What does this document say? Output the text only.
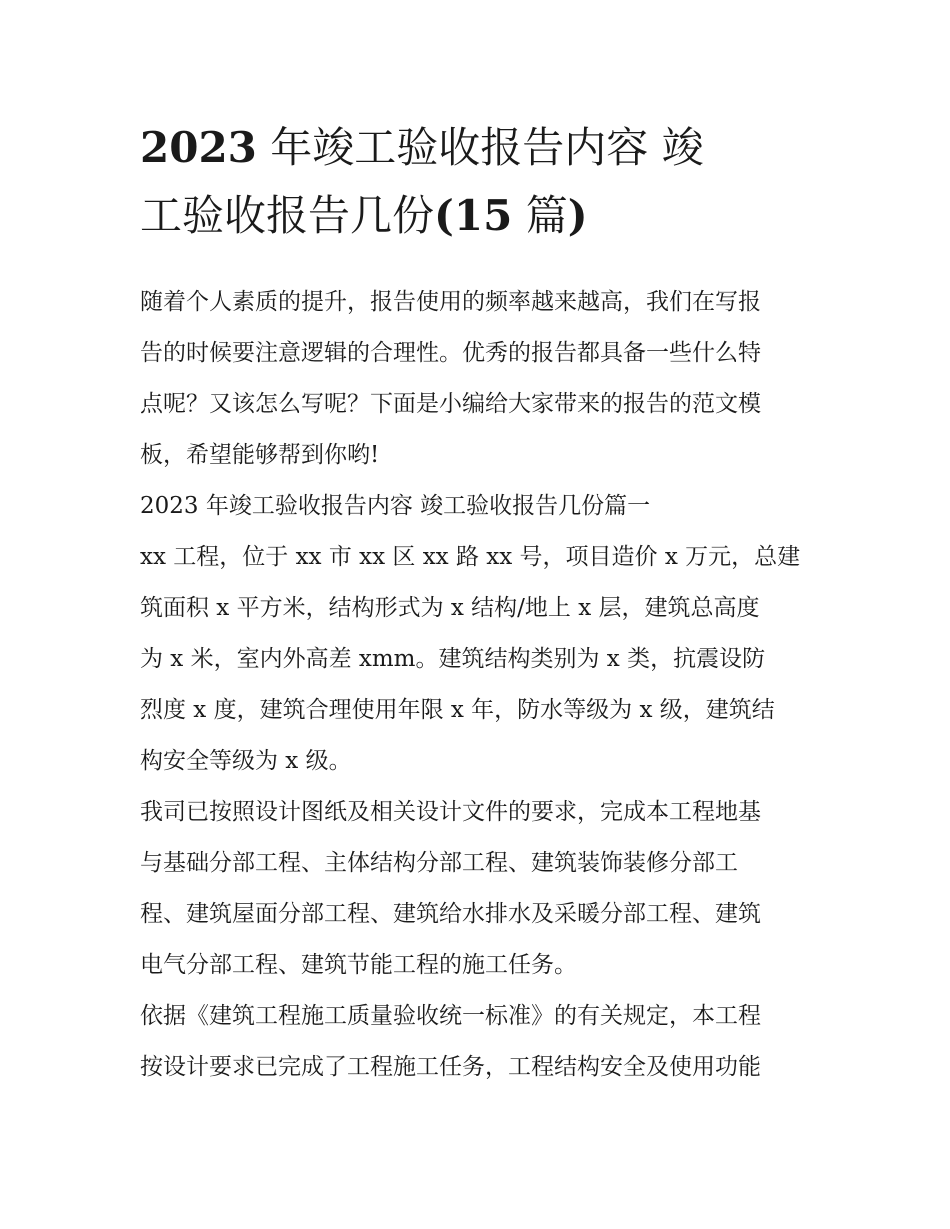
2023 年竣工验收报告内容 竣
工验收报告几份(15 篇)

随着个人素质的提升，报告使用的频率越来越高，我们在写报
告的时候要注意逻辑的合理性。优秀的报告都具备一些什么特
点呢？又该怎么写呢？下面是小编给大家带来的报告的范文模
板，希望能够帮到你哟!

2023 年竣工验收报告内容 竣工验收报告几份篇一

xx 工程，位于 xx 市 xx 区 xx 路 xx 号，项目造价 x 万元，总建
筑面积 x 平方米，结构形式为 x 结构/地上 x 层，建筑总高度
为 x 米，室内外高差 xmm。建筑结构类别为 x 类，抗震设防
烈度 x 度，建筑合理使用年限 x 年，防水等级为 x 级，建筑结
构安全等级为 x 级。

我司已按照设计图纸及相关设计文件的要求，完成本工程地基
与基础分部工程、主体结构分部工程、建筑装饰装修分部工
程、建筑屋面分部工程、建筑给水排水及采暖分部工程、建筑
电气分部工程、建筑节能工程的施工任务。

依据《建筑工程施工质量验收统一标准》的有关规定，本工程
按设计要求已完成了工程施工任务，工程结构安全及使用功能
